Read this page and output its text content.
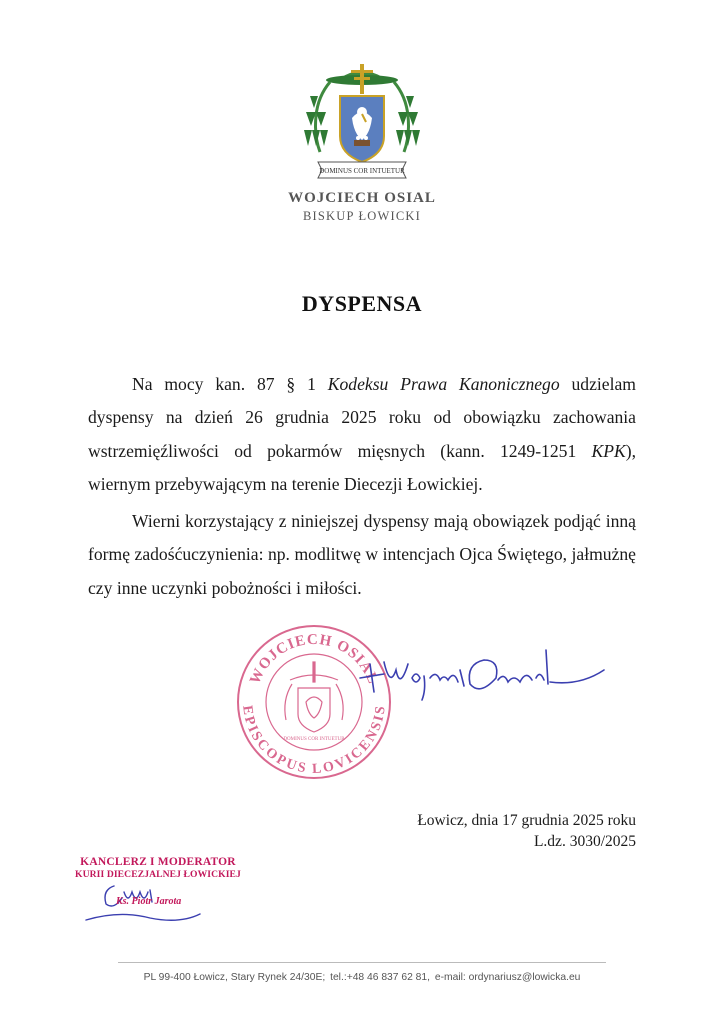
DOMINUS COR INTUETUR
WOJCIECH OSIAL
BISKUP ŁOWICKI
DYSPENSA
Na mocy kan. 87 § 1 Kodeksu Prawa Kanonicznego udzielam dyspensy na dzień 26 grudnia 2025 roku od obowiązku zachowania wstrzemięźliwości od pokarmów mięsnych (kann. 1249-1251 KPK), wiernym przebywającym na terenie Diecezji Łowickiej.
Wierni korzystający z niniejszej dyspensy mają obowiązek podjąć inną formę zadośćuczynienia: np. modlitwę w intencjach Ojca Świętego, jałmużnę czy inne uczynki pobożności i miłości.
WOJCIECH OSIAL
EPISCOPUS LOVICENSIS
DOMINUS COR INTUETUR
+ Wojciech Osial
Łowicz, dnia 17 grudnia 2025 roku
L.dz. 3030/2025
KANCLERZ I MODERATOR
KURII DIECEZJALNEJ ŁOWICKIEJ
Ks. Piotr Jarota
PL 99-400 Łowicz, Stary Rynek 24/30E; tel.:+48 46 837 62 81, e-mail: ordynariusz@lowicka.eu
